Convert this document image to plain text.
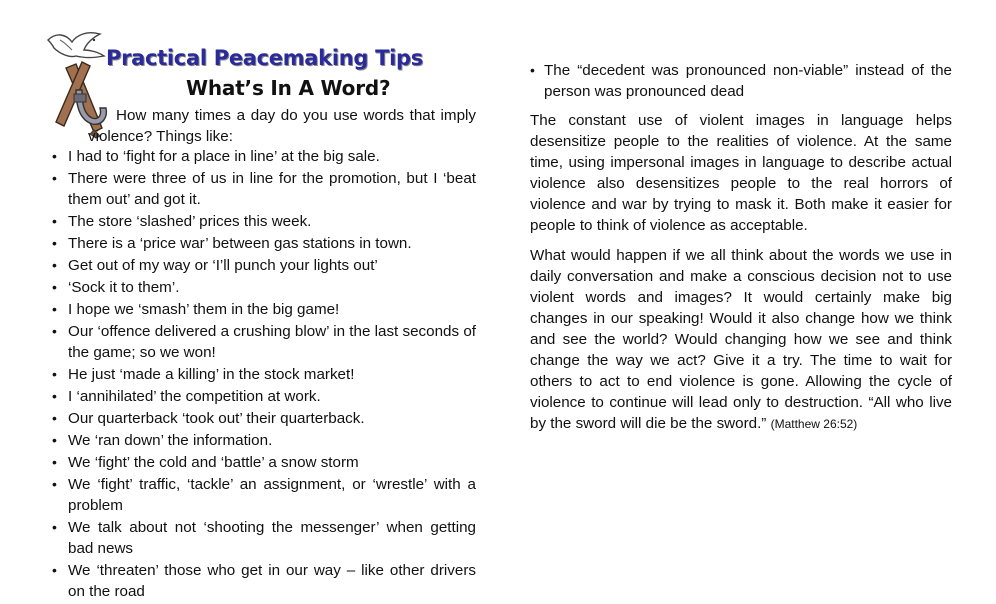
Practical Peacemaking Tips
What’s In A Word?

How many times a day do you use words that imply violence? Things like:

• I had to ‘fight for a place in line’ at the big sale.
• There were three of us in line for the promotion, but I ‘beat them out’ and got it.
• The store ‘slashed’ prices this week.
• There is a ‘price war’ between gas stations in town.
• Get out of my way or ‘I’ll punch your lights out’
• ‘Sock it to them’.
• I hope we ‘smash’ them in the big game!
• Our ‘offence delivered a crushing blow’ in the last seconds of the game; so we won!
• He just ‘made a killing’ in the stock market!
• I ‘annihilated’ the competition at work.
• Our quarterback ‘took out’ their quarterback.
• We ‘ran down’ the information.
• We ‘fight’ the cold and ‘battle’ a snow storm
• We ‘fight’ traffic, ‘tackle’ an assignment, or ‘wrestle’ with a problem
• We talk about not ‘shooting the messenger’ when getting bad news
• We ‘threaten’ those who get in our way – like other drivers on the road
• The “decedent was pronounced non-viable” instead of the person was pronounced dead

The constant use of violent images in language helps desensitize people to the realities of violence. At the same time, using impersonal images in language to describe actual violence also desensitizes people to the real horrors of violence and war by trying to mask it. Both make it easier for people to think of violence as acceptable.

What would happen if we all think about the words we use in daily conversation and make a conscious decision not to use violent words and images? It would certainly make big changes in our speaking! Would it also change how we think and see the world? Would changing how we see and think change the way we act? Give it a try. The time to wait for others to act to end violence is gone. Allowing the cycle of violence to continue will lead only to destruction. “All who live by the sword will die be the sword.” (Matthew 26:52)
